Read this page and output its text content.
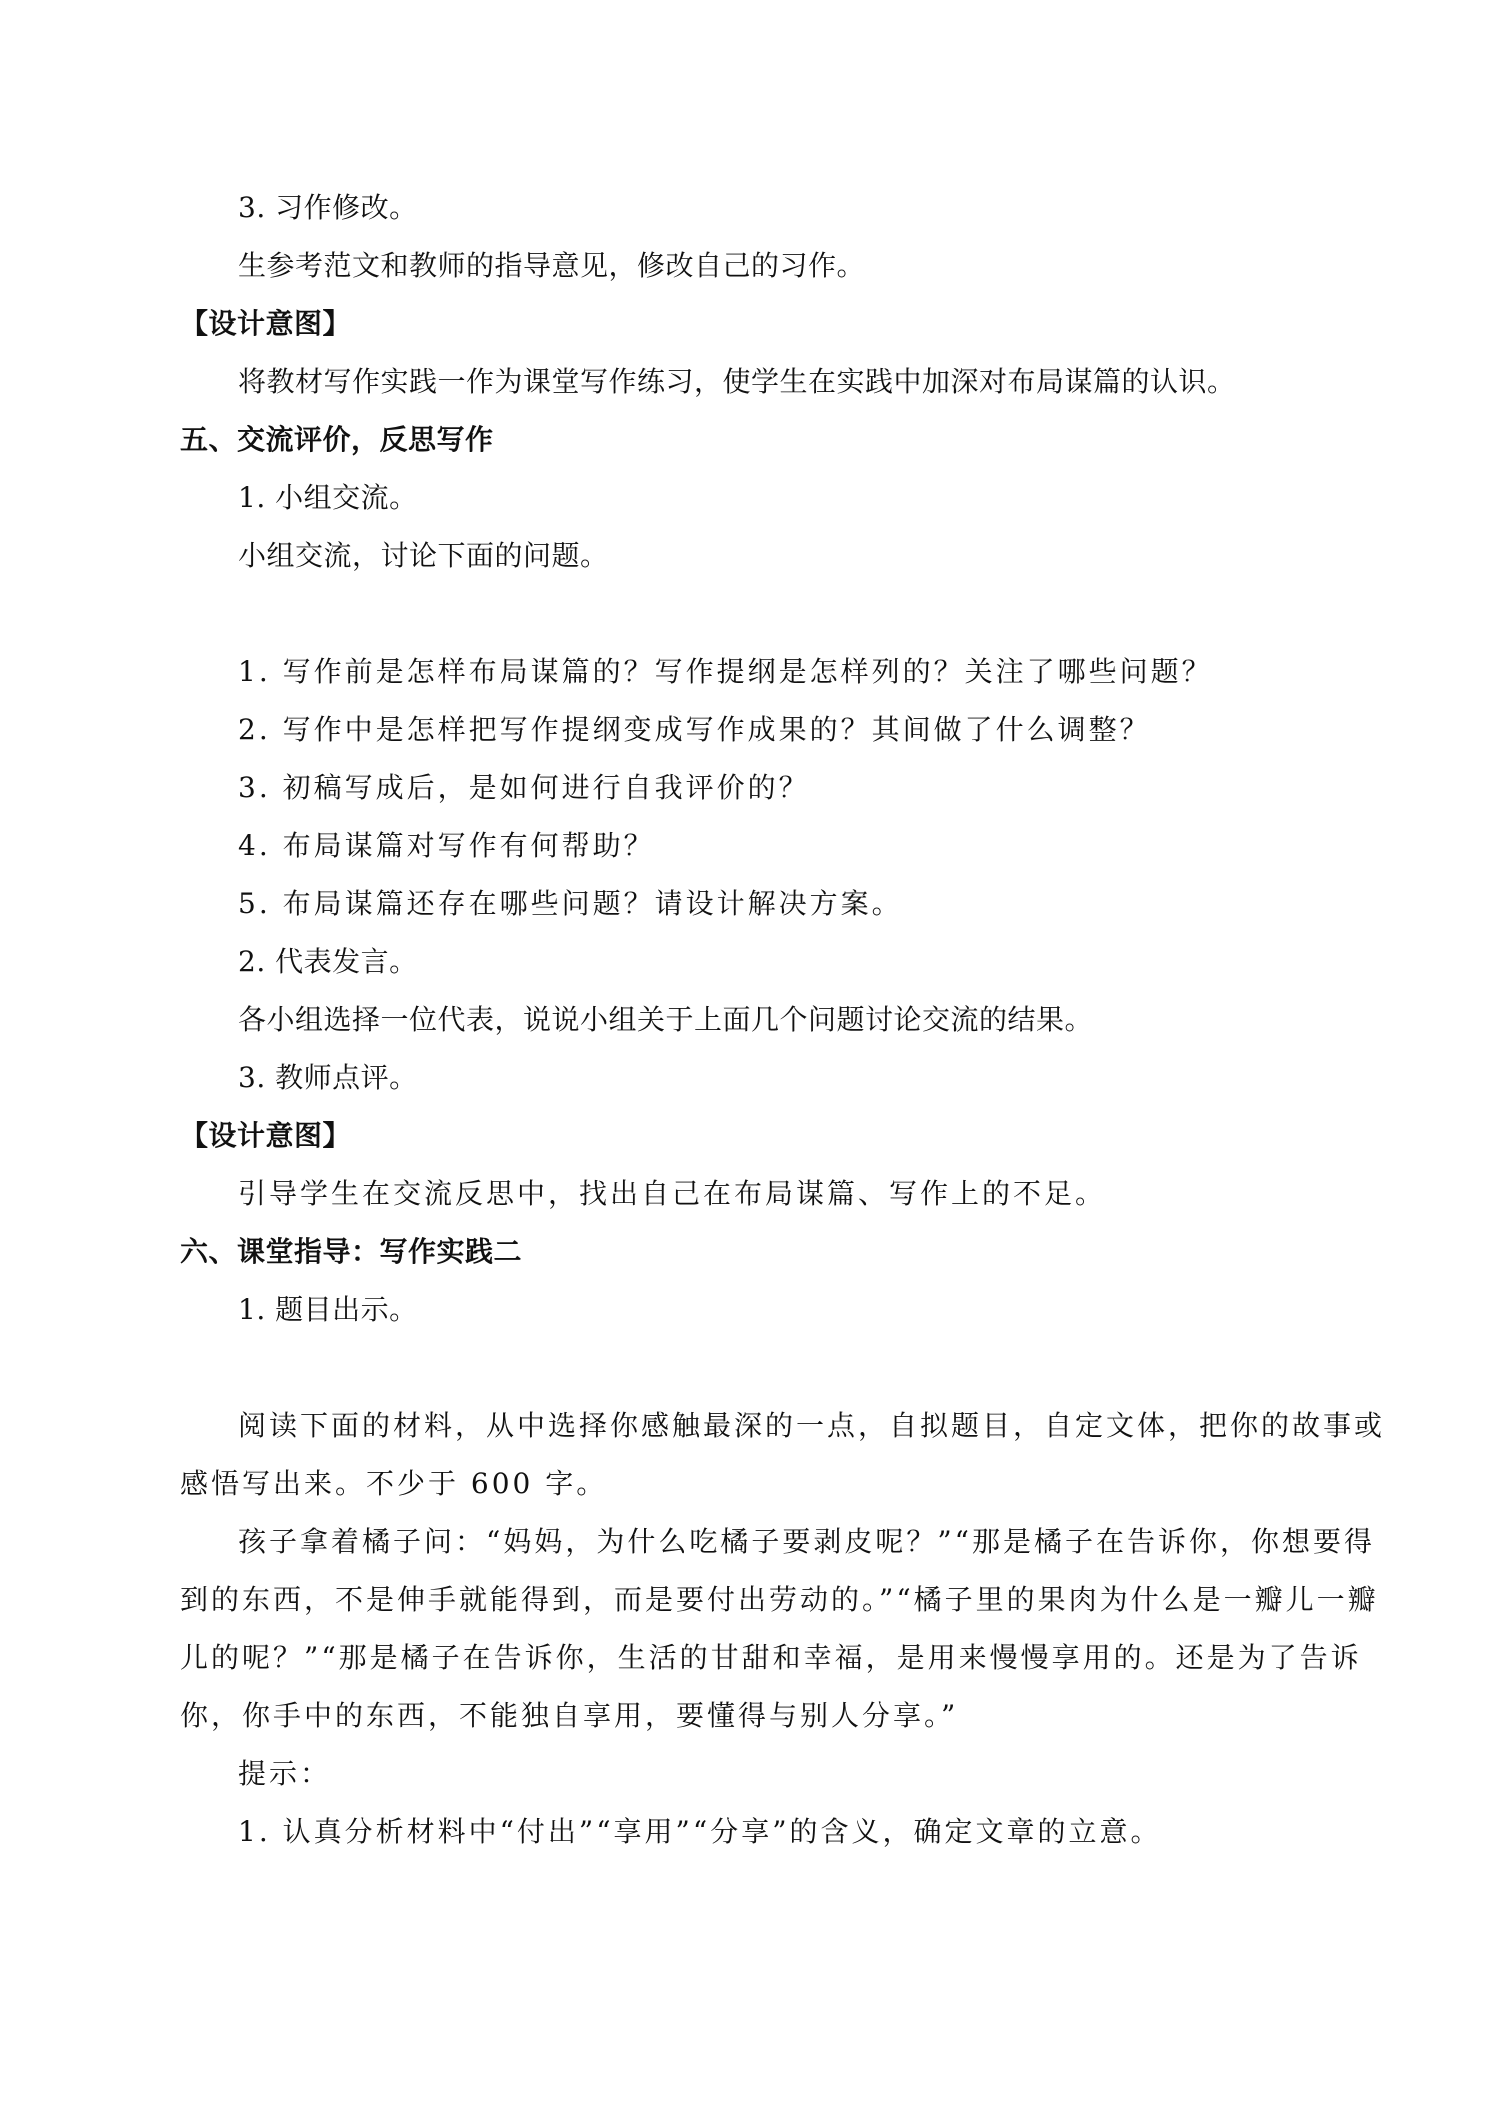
3. 习作修改。
生参考范文和教师的指导意见，修改自己的习作。
【设计意图】
将教材写作实践一作为课堂写作练习，使学生在实践中加深对布局谋篇的认识。
五、交流评价，反思写作
1. 小组交流。
小组交流，讨论下面的问题。
1. 写作前是怎样布局谋篇的？写作提纲是怎样列的？关注了哪些问题？
2. 写作中是怎样把写作提纲变成写作成果的？其间做了什么调整？
3. 初稿写成后，是如何进行自我评价的？
4. 布局谋篇对写作有何帮助？
5. 布局谋篇还存在哪些问题？请设计解决方案。
2. 代表发言。
各小组选择一位代表，说说小组关于上面几个问题讨论交流的结果。
3. 教师点评。
【设计意图】
引导学生在交流反思中，找出自己在布局谋篇、写作上的不足。
六、课堂指导：写作实践二
1. 题目出示。
阅读下面的材料，从中选择你感触最深的一点，自拟题目，自定文体，把你的故事或
感悟写出来。不少于 600 字。
孩子拿着橘子问：“妈妈，为什么吃橘子要剥皮呢？”“那是橘子在告诉你，你想要得
到的东西，不是伸手就能得到，而是要付出劳动的。”“橘子里的果肉为什么是一瓣儿一瓣
儿的呢？”“那是橘子在告诉你，生活的甘甜和幸福，是用来慢慢享用的。还是为了告诉
你，你手中的东西，不能独自享用，要懂得与别人分享。”
提示：
1. 认真分析材料中“付出”“享用”“分享”的含义，确定文章的立意。
